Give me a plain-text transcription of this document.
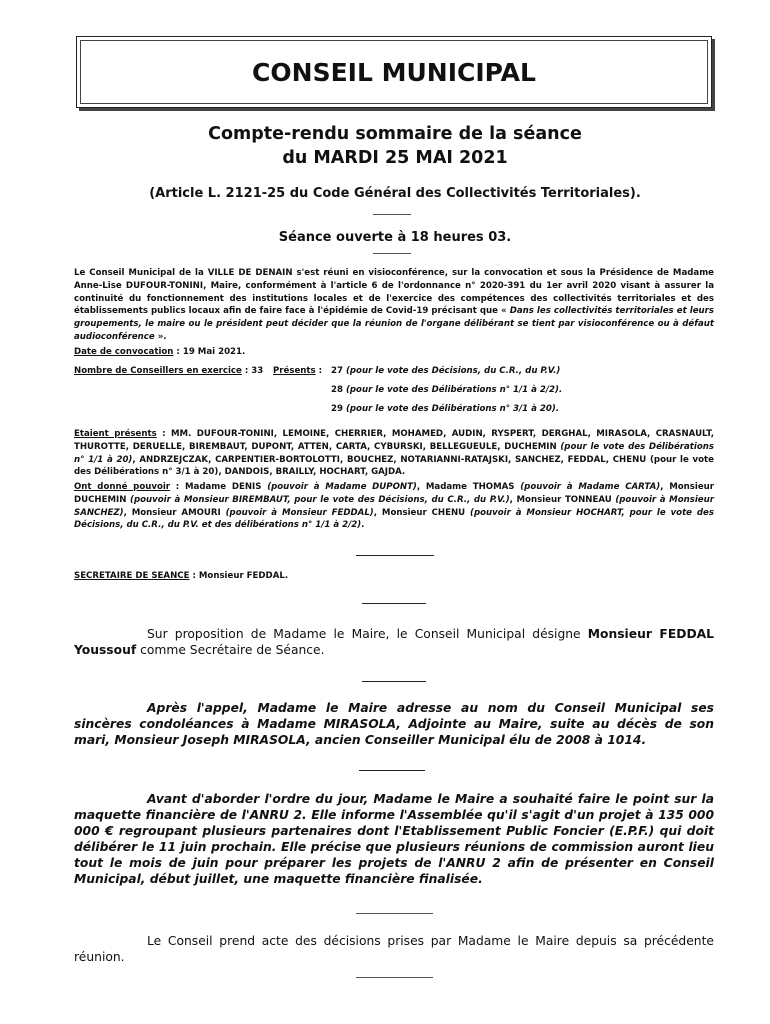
CONSEIL MUNICIPAL
Compte-rendu sommaire de la séance
du MARDI 25 MAI 2021
(Article L. 2121-25 du Code Général des Collectivités Territoriales).
Séance ouverte à 18 heures 03.
Le Conseil Municipal de la VILLE DE DENAIN s'est réuni en visioconférence, sur la convocation et sous la Présidence de Madame Anne-Lise DUFOUR-TONINI, Maire, conformément à l'article 6 de l'ordonnance n° 2020-391 du 1er avril 2020 visant à assurer la continuité du fonctionnement des institutions locales et de l'exercice des compétences des collectivités territoriales et des établissements publics locaux afin de faire face à l'épidémie de Covid-19 précisant que « Dans les collectivités territoriales et leurs groupements, le maire ou le président peut décider que la réunion de l'organe délibérant se tient par visioconférence ou à défaut audioconférence ».
Date de convocation : 19 Mai 2021.
Nombre de Conseillers en exercice : 33 Présents : 27 (pour le vote des Décisions, du C.R., du P.V.)
28 (pour le vote des Délibérations n° 1/1 à 2/2).
29 (pour le vote des Délibérations n° 3/1 à 20).
Etaient présents : MM. DUFOUR-TONINI, LEMOINE, CHERRIER, MOHAMED, AUDIN, RYSPERT, DERGHAL, MIRASOLA, CRASNAULT, THUROTTE, DERUELLE, BIREMBAUT, DUPONT, ATTEN, CARTA, CYBURSKI, BELLEGUEULE, DUCHEMIN (pour le vote des Délibérations n° 1/1 à 20), ANDRZEJCZAK, CARPENTIER-BORTOLOTTI, BOUCHEZ, NOTARIANNI-RATAJSKI, SANCHEZ, FEDDAL, CHENU (pour le vote des Délibérations n° 3/1 à 20), DANDOIS, BRAILLY, HOCHART, GAJDA.
Ont donné pouvoir : Madame DENIS (pouvoir à Madame DUPONT), Madame THOMAS (pouvoir à Madame CARTA), Monsieur DUCHEMIN (pouvoir à Monsieur BIREMBAUT, pour le vote des Décisions, du C.R., du P.V.), Monsieur TONNEAU (pouvoir à Monsieur SANCHEZ), Monsieur AMOURI (pouvoir à Monsieur FEDDAL), Monsieur CHENU (pouvoir à Monsieur HOCHART, pour le vote des Décisions, du C.R., du P.V. et des délibérations n° 1/1 à 2/2).
SECRETAIRE DE SEANCE : Monsieur FEDDAL.
Sur proposition de Madame le Maire, le Conseil Municipal désigne Monsieur FEDDAL Youssouf comme Secrétaire de Séance.
Après l'appel, Madame le Maire adresse au nom du Conseil Municipal ses sincères condoléances à Madame MIRASOLA, Adjointe au Maire, suite au décès de son mari, Monsieur Joseph MIRASOLA, ancien Conseiller Municipal élu de 2008 à 1014.
Avant d'aborder l'ordre du jour, Madame le Maire a souhaité faire le point sur la maquette financière de l'ANRU 2. Elle informe l'Assemblée qu'il s'agit d'un projet à 135 000 000 € regroupant plusieurs partenaires dont l'Etablissement Public Foncier (E.P.F.) qui doit délibérer le 11 juin prochain. Elle précise que plusieurs réunions de commission auront lieu tout le mois de juin pour préparer les projets de l'ANRU 2 afin de présenter en Conseil Municipal, début juillet, une maquette financière finalisée.
Le Conseil prend acte des décisions prises par Madame le Maire depuis sa précédente réunion.
